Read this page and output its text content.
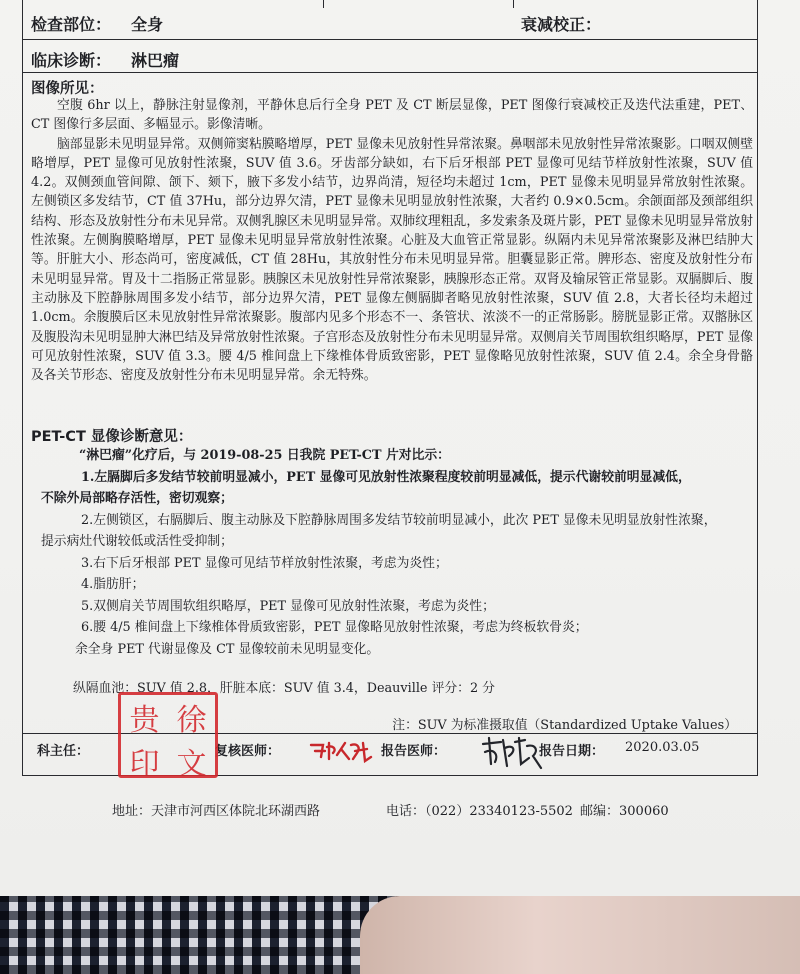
检查部位： 全身	衰减校正：
临床诊断： 淋巴瘤
图像所见：

空腹 6hr 以上，静脉注射显像剂，平静休息后行全身 PET 及 CT 断层显像，PET 图像行衰减校正及迭代法重建，PET、CT 图像行多层面、多幅显示。影像清晰。

脑部显影未见明显异常。双侧筛窦粘膜略增厚，PET 显像未见放射性异常浓聚。鼻咽部未见放射性异常浓聚影。口咽双侧壁略增厚，PET 显像可见放射性浓聚，SUV 值 3.6。牙齿部分缺如，右下后牙根部 PET 显像可见结节样放射性浓聚，SUV 值 4.2。双侧颈血管间隙、颌下、颏下，腋下多发小结节，边界尚清，短径均未超过 1cm，PET 显像未见明显异常放射性浓聚。左侧锁区多发结节，CT 值 37Hu，部分边界欠清，PET 显像未见明显放射性浓聚，大者约 0.9×0.5cm。余颌面部及颈部组织结构、形态及放射性分布未见异常。双侧乳腺区未见明显异常。双肺纹理粗乱，多发索条及斑片影，PET 显像未见明显异常放射性浓聚。左侧胸膜略增厚，PET 显像未见明显异常放射性浓聚。心脏及大血管正常显影。纵隔内未见异常浓聚影及淋巴结肿大等。肝脏大小、形态尚可，密度减低，CT 值 28Hu，其放射性分布未见明显异常。胆囊显影正常。脾形态、密度及放射性分布未见明显异常。胃及十二指肠正常显影。胰腺区未见放射性异常浓聚影，胰腺形态正常。双肾及输尿管正常显影。双膈脚后、腹主动脉及下腔静脉周围多发小结节，部分边界欠清，PET 显像左侧膈脚者略见放射性浓聚，SUV 值 2.8，大者长径均未超过 1.0cm。余腹膜后区未见放射性异常浓聚影。腹部内见多个形态不一、条管状、浓淡不一的正常肠影。膀胱显影正常。双髂脉区及腹股沟未见明显肿大淋巴结及异常放射性浓聚。子宫形态及放射性分布未见明显异常。双侧肩关节周围软组织略厚，PET 显像可见放射性浓聚，SUV 值 3.3。腰 4/5 椎间盘上下缘椎体骨质致密影，PET 显像略见放射性浓聚，SUV 值 2.4。余全身骨骼及各关节形态、密度及放射性分布未见明显异常。余无特殊。

PET-CT 显像诊断意见：

“淋巴瘤”化疗后，与 2019-08-25 日我院 PET-CT 片对比示：

1.左膈脚后多发结节较前明显减小，PET 显像可见放射性浓聚程度较前明显减低，提示代谢较前明显减低，

不除外局部略存活性，密切观察；

2.左侧锁区，右膈脚后、腹主动脉及下腔静脉周围多发结节较前明显减小，此次 PET 显像未见明显放射性浓聚，

提示病灶代谢较低或活性受抑制；

3.右下后牙根部 PET 显像可见结节样放射性浓聚，考虑为炎性；

4.脂肪肝；

5.双侧肩关节周围软组织略厚，PET 显像可见放射性浓聚，考虑为炎性；

6.腰 4/5 椎间盘上下缘椎体骨质致密影，PET 显像略见放射性浓聚，考虑为终板软骨炎；

余全身 PET 代谢显像及 CT 显像较前未见明显变化。

纵隔血池：SUV 值 2.8，肝脏本底：SUV 值 3.4，Deauville 评分：2 分
注：SUV 为标准摄取值（Standardized Uptake Values）
科主任：	复核医师：	报告医师：	报告日期： 2020.03.05
贵 徐
印 文
地址：天津市河西区体院北环湖西路	电话：（022）23340123-5502 邮编：300060
